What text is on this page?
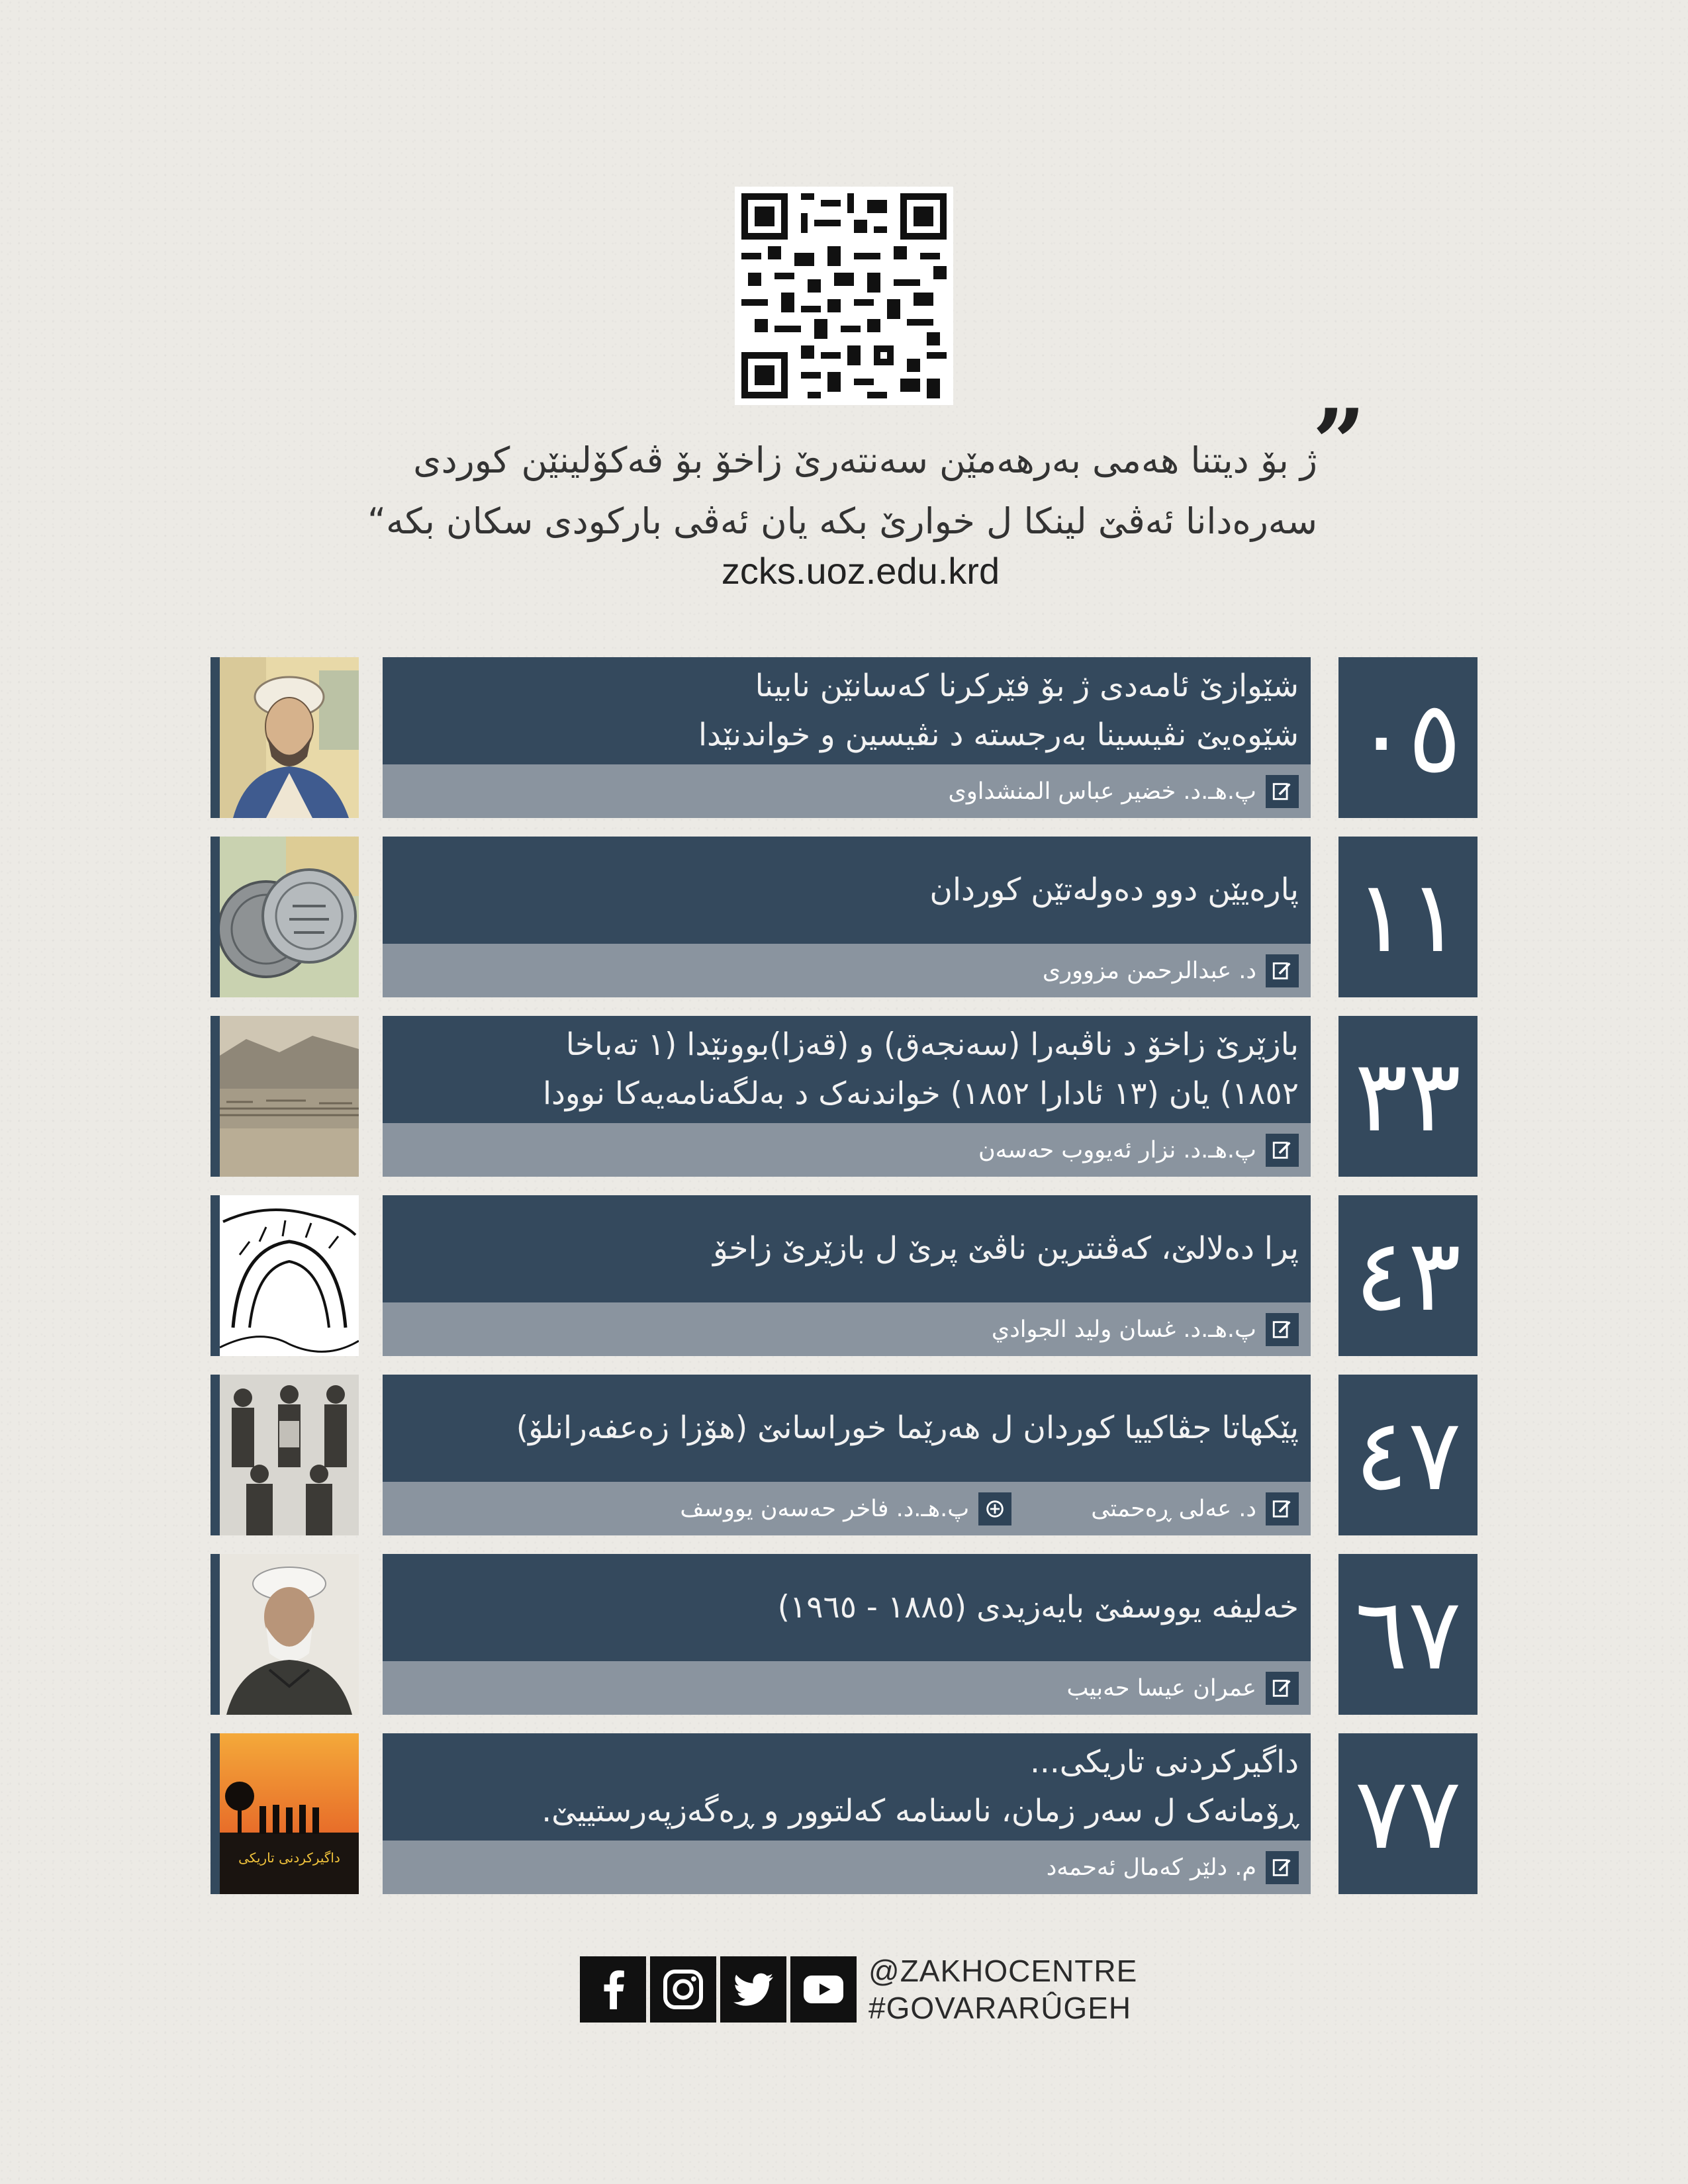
„
ژ بۆ دیتنا هەمی بەرهەمێن سەنتەرێ زاخۆ بۆ ڤەکۆلینێن کوردی
سەرەدانا ئەڤێ لینکا ل خوارێ بکە یان ئەڤی بارکودی سکان بکە“
zcks.uoz.edu.krd
شێوازێ ئامەدی ژ بۆ فێرکرنا کەسانێن نابینا
شێوەیێ نڤیسینا بەرجستە د نڤیسین و خواندنێدا
پ.هـ.د. خضير عباس المنشداوی ٠٥
پارەیێن دوو دەولەتێن کوردان
د. عبدالرحمن مزووری ١١
بازێرێ زاخۆ د ناڤبەرا (سەنجەق) و (قەزا)بوونێدا (١ تەباخا
١٨٥٢) یان (١٣ ئادارا ١٨٥٢) خواندنەک د بەلگەنامەیەکا نوودا
پ.هـ.د. نزار ئەیووب حەسەن ٣٣
پرا دەلالێ، کەڤنترین ناڤێ پرێ ل بازێرێ زاخۆ
پ.هـ.د. غسان وليد الجوادي ٤٣
پێکهاتا جڤاکییا کوردان ل هەرێما خوراسانێ (هۆزا زەعفەرانلۆ)
د. عەلی ڕەحمتی
پ.هـ.د. فاخر حەسەن یووسف	٤٧
خەلیفە یووسفێ بایەزیدی (١٨٨٥ - ١٩٦٥)
عمران عیسا حەبیب ٦٧
داگیرکردنی تاریکی
داگیرکردنی تاریکی...
ڕۆمانەک ل سەر زمان، ناسنامە کەلتوور و ڕەگەزپەرستییێ.
م. دلێر کەمال ئەحمەد ٧٧
@ZAKHOCENTRE
#GOVARARÛGEH
